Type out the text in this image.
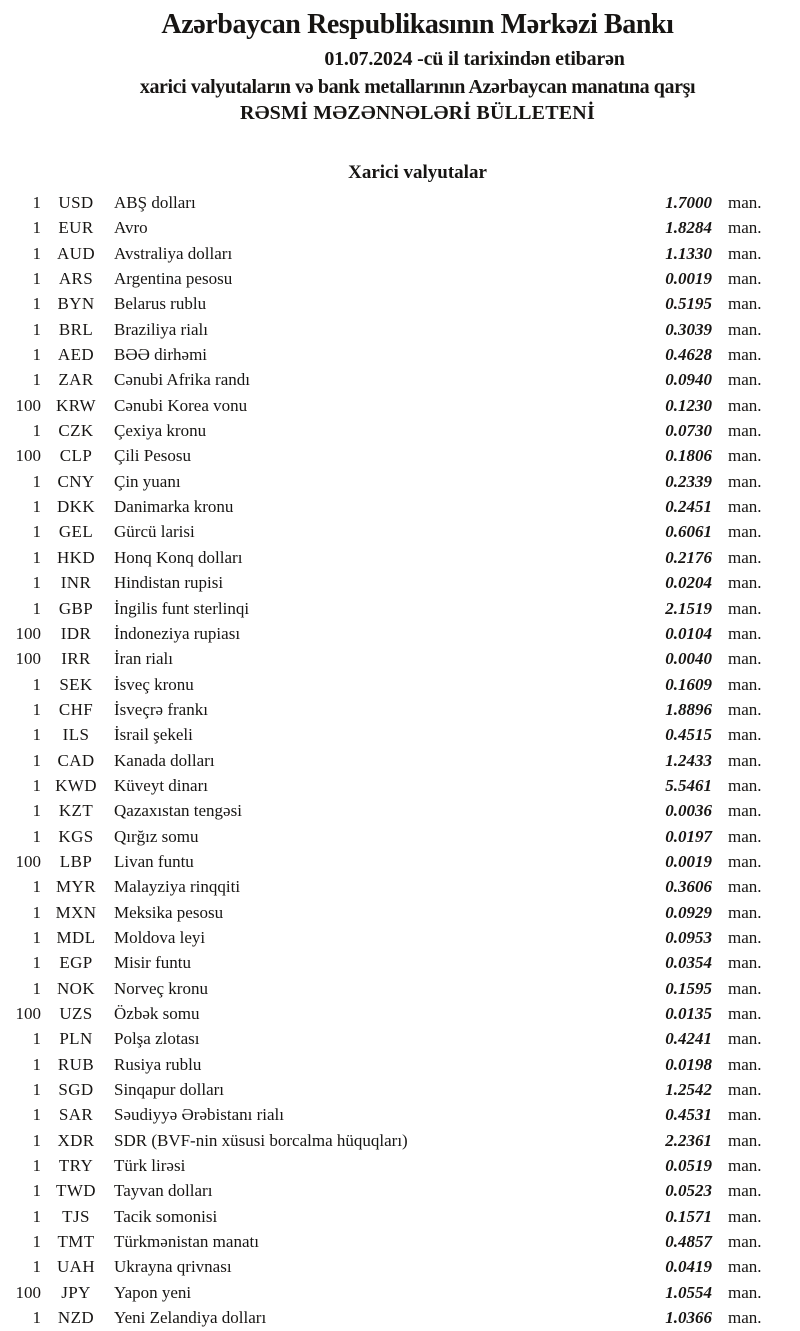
Azərbaycan Respublikasının Mərkəzi Bankı
01.07.2024 -cü il tarixindən etibarən
xarici valyutaların və bank metallarının Azərbaycan manatına qarşı
RƏSMİ MƏZƏNNƏLƏRİ BÜLLETENİ
Xarici valyutalar
1	USD	ABŞ dolları	1.7000 man.
1	EUR	Avro	1.8284 man.
1 AUD	Avstraliya dolları	1.1330 man.
1	ARS	Argentina pesosu	0.0019 man.
1 BYN	Belarus rublu	0.5195 man.
1	BRL	Braziliya rialı	0.3039 man.
1 AED	BƏƏ dirhəmi	0.4628 man.
1	ZAR	Cənubi Afrika randı	0.0940 man.
100 KRW	Cənubi Korea vonu	0.1230 man.
1	CZK	Çexiya kronu	0.0730 man.
100	CLP	Çili Pesosu	0.1806 man.
1 CNY	Çin yuanı	0.2339 man.
1 DKK	Danimarka kronu	0.2451 man.
1	GEL	Gürcü larisi	0.6061 man.
1 HKD	Honq Konq dolları	0.2176 man.
1	INR	Hindistan rupisi	0.0204 man.
1	GBP	İngilis funt sterlinqi	2.1519 man.
100	IDR	İndoneziya rupiası	0.0104 man.
100	IRR	İran rialı	0.0040 man.
1	SEK	İsveç kronu	0.1609 man.
1	CHF	İsveçrə frankı	1.8896 man.
1	ILS	İsrail şekeli	0.4515 man.
1 CAD	Kanada dolları	1.2433 man.
1 KWD	Küveyt dinarı	5.5461 man.
1	KZT	Qazaxıstan tengəsi	0.0036 man.
1	KGS	Qırğız somu	0.0197 man.
100	LBP	Livan funtu	0.0019 man.
1 MYR	Malayziya rinqqiti	0.3606 man.
1 MXN	Meksika pesosu	0.0929 man.
1 MDL	Moldova leyi	0.0953 man.
1	EGP	Misir funtu	0.0354 man.
1 NOK	Norveç kronu	0.1595 man.
100	UZS	Özbək somu	0.0135 man.
1	PLN	Polşa zlotası	0.4241 man.
1 RUB	Rusiya rublu	0.0198 man.
1	SGD	Sinqapur dolları	1.2542 man.
1	SAR	Səudiyyə Ərəbistanı rialı	0.4531 man.
1 XDR	SDR (BVF-nin xüsusi borcalma hüquqları)	2.2361 man.
1	TRY	Türk lirəsi	0.0519 man.
1 TWD	Tayvan dolları	0.0523 man.
1	TJS	Tacik somonisi	0.1571 man.
1 TMT	Türkmənistan manatı	0.4857 man.
1 UAH	Ukrayna qrivnası	0.0419 man.
100	JPY	Yapon yeni	1.0554 man.
1 NZD	Yeni Zelandiya dolları	1.0366 man.
